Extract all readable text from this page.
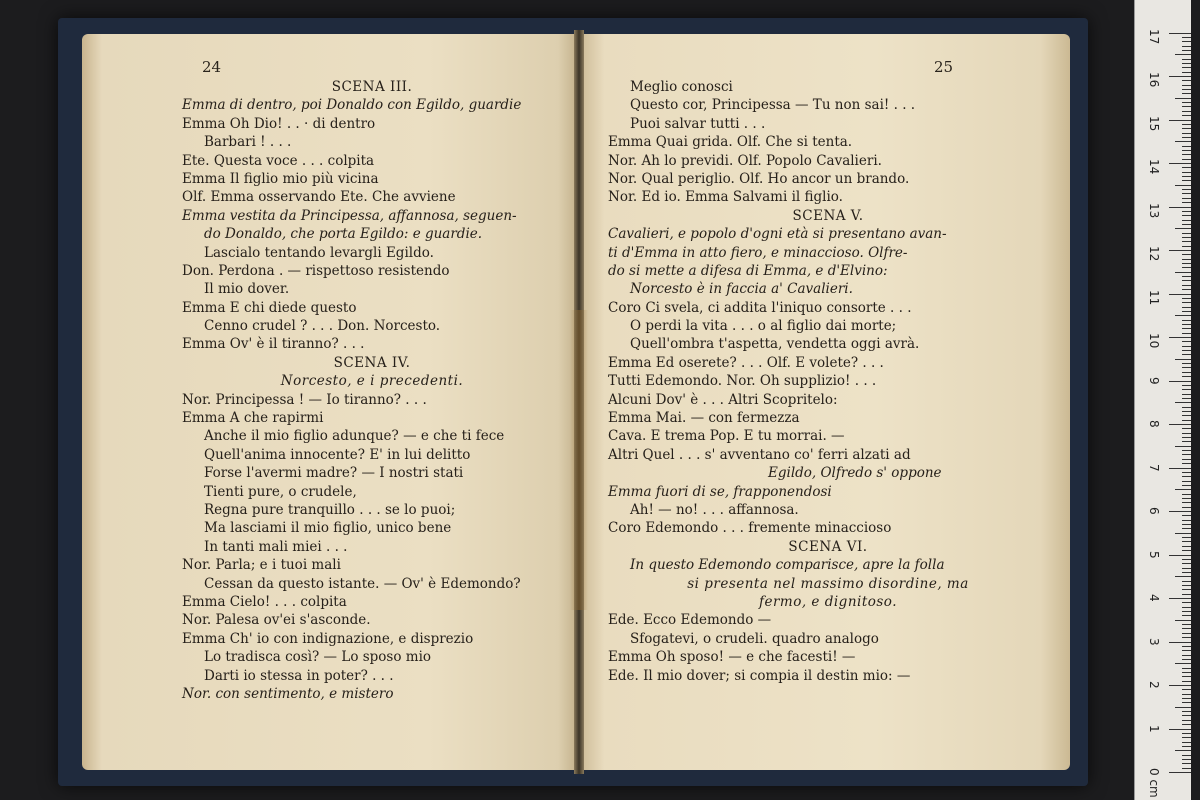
24
SCENA III.
Emma di dentro, poi Donaldo con Egildo, guardie
Emma Oh Dio! . . · di dentro
Barbari ! . . .
Ete. Questa voce . . . colpita
Emma Il figlio mio più vicina
Olf. Emma osservando Ete. Che avviene
Emma vestita da Principessa, affannosa, seguen-
do Donaldo, che porta Egildo: e guardie.
Lascialo tentando levargli Egildo.
Don. Perdona . — rispettoso resistendo
Il mio dover.
Emma E chi diede questo
Cenno crudel ? . . . Don. Norcesto.
Emma Ov' è il tiranno? . . .
SCENA IV.
Norcesto, e i precedenti.
Nor. Principessa ! — Io tiranno? . . .
Emma A che rapirmi
Anche il mio figlio adunque? — e che ti fece
Quell'anima innocente? E' in lui delitto
Forse l'avermi madre? — I nostri stati
Tienti pure, o crudele,
Regna pure tranquillo . . . se lo puoi;
Ma lasciami il mio figlio, unico bene
In tanti mali miei . . .
Nor. Parla; e i tuoi mali
Cessan da questo istante. — Ov' è Edemondo?
Emma Cielo! . . . colpita
Nor. Palesa ov'ei s'asconde.
Emma Ch' io con indignazione, e disprezio
Lo tradisca così? — Lo sposo mio
Darti io stessa in poter? . . .
Nor. con sentimento, e mistero
25
Meglio conosci
Questo cor, Principessa — Tu non sai! . . .
Puoi salvar tutti . . .
Emma Quai grida. Olf. Che si tenta.
Nor. Ah lo previdi. Olf. Popolo Cavalieri.
Nor. Qual periglio. Olf. Ho ancor un brando.
Nor. Ed io. Emma Salvami il figlio.
SCENA V.
Cavalieri, e popolo d'ogni età si presentano avan-
ti d'Emma in atto fiero, e minaccioso. Olfre-
do si mette a difesa di Emma, e d'Elvino:
Norcesto è in faccia a' Cavalieri.
Coro Ci svela, ci addita l'iniquo consorte . . .
O perdi la vita . . . o al figlio dai morte;
Quell'ombra t'aspetta, vendetta oggi avrà.
Emma Ed oserete? . . . Olf. E volete? . . .
Tutti Edemondo. Nor. Oh supplizio! . . .
Alcuni Dov' è . . . Altri Scopritelo:
Emma Mai. — con fermezza
Cava. E trema Pop. E tu morrai. —
Altri Quel . . . s' avventano co' ferri alzati ad
Egildo, Olfredo s' oppone
Emma fuori di se, frapponendosi
Ah! — no! . . . affannosa.
Coro Edemondo . . . fremente minaccioso
SCENA VI.
In questo Edemondo comparisce, apre la folla
si presenta nel massimo disordine, ma
fermo, e dignitoso.
Ede. Ecco Edemondo —
Sfogatevi, o crudeli. quadro analogo
Emma Oh sposo! — e che facesti! —
Ede. Il mio dover; si compia il destin mio: —
0 cm
1
2
3
4
5
6
7
8
9
10
11
12
13
14
15
16
17
